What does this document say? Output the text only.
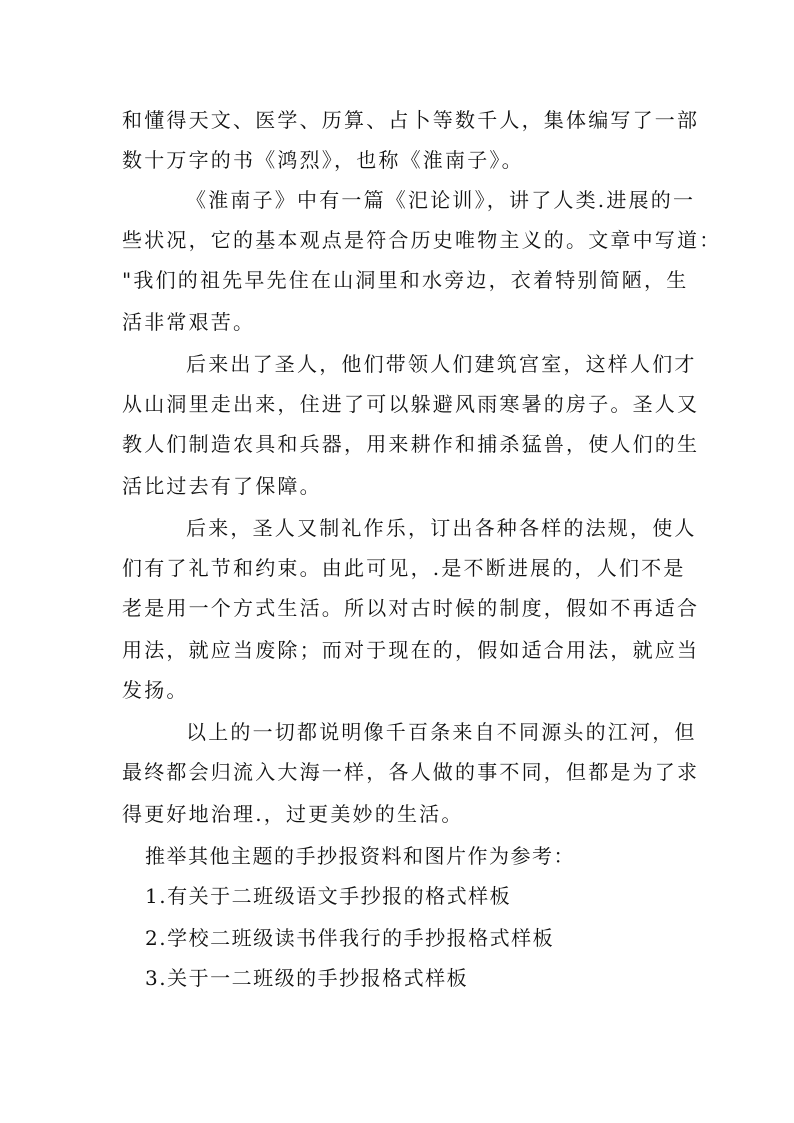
和懂得天文、医学、历算、占卜等数千人，集体编写了一部
数十万字的书《鸿烈》，也称《淮南子》。
《淮南子》中有一篇《汜论训》，讲了人类.进展的一
些状况，它的基本观点是符合历史唯物主义的。文章中写道：
"我们的祖先早先住在山洞里和水旁边，衣着特别简陋，生
活非常艰苦。
后来出了圣人，他们带领人们建筑宫室，这样人们才
从山洞里走出来，住进了可以躲避风雨寒暑的房子。圣人又
教人们制造农具和兵器，用来耕作和捕杀猛兽，使人们的生
活比过去有了保障。
后来，圣人又制礼作乐，订出各种各样的法规，使人
们有了礼节和约束。由此可见，.是不断进展的，人们不是
老是用一个方式生活。所以对古时候的制度，假如不再适合
用法，就应当废除；而对于现在的，假如适合用法，就应当
发扬。
以上的一切都说明像千百条来自不同源头的江河，但
最终都会归流入大海一样，各人做的事不同，但都是为了求
得更好地治理.，过更美妙的生活。
推举其他主题的手抄报资料和图片作为参考：
1.有关于二班级语文手抄报的格式样板
2.学校二班级读书伴我行的手抄报格式样板
3.关于一二班级的手抄报格式样板
